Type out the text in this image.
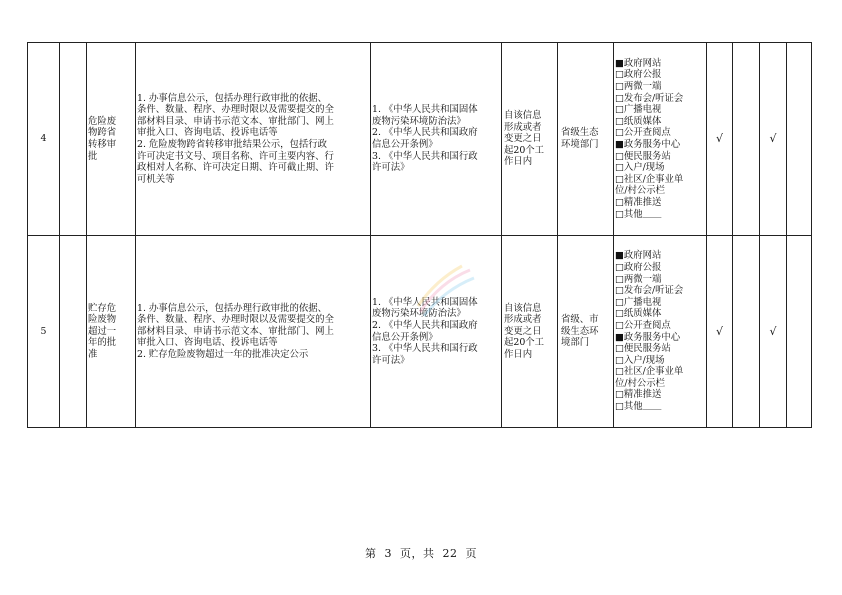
4
危险废
物跨省
转移审
批
1. 办事信息公示，包括办理行政审批的依据、
条件、数量、程序、办理时限以及需要提交的全
部材料目录、申请书示范文本、审批部门、网上
审批入口、咨询电话、投诉电话等
2. 危险废物跨省转移审批结果公示，包括行政
许可决定书文号、项目名称、许可主要内容、行
政相对人名称、许可决定日期、许可截止期、许
可机关等
1. 《中华人民共和国固体
废物污染环境防治法》
2. 《中华人民共和国政府
信息公开条例》
3. 《中华人民共和国行政
许可法》
自该信息
形成或者
变更之日
起20个工
作日内
省级生态
环境部门
■政府网站
□政府公报
□两微一端
□发布会/听证会
□广播电视
□纸质媒体
□公开查阅点
■政务服务中心
□便民服务站
□入户/现场
□社区/企事业单
位/村公示栏
□精准推送
□其他＿＿
√	√
5
贮存危
险废物
超过一
年的批
准
1. 办事信息公示，包括办理行政审批的依据、
条件、数量、程序、办理时限以及需要提交的全
部材料目录、申请书示范文本、审批部门、网上
审批入口、咨询电话、投诉电话等
2. 贮存危险废物超过一年的批准决定公示
1. 《中华人民共和国固体
废物污染环境防治法》
2. 《中华人民共和国政府
信息公开条例》
3. 《中华人民共和国行政
许可法》
自该信息
形成或者
变更之日
起20个工
作日内
省级、市
级生态环
境部门
■政府网站
□政府公报
□两微一端
□发布会/听证会
□广播电视
□纸质媒体
□公开查阅点
■政务服务中心
□便民服务站
□入户/现场
□社区/企事业单
位/村公示栏
□精准推送
□其他＿＿
√	√
第 3 页，共 22 页
